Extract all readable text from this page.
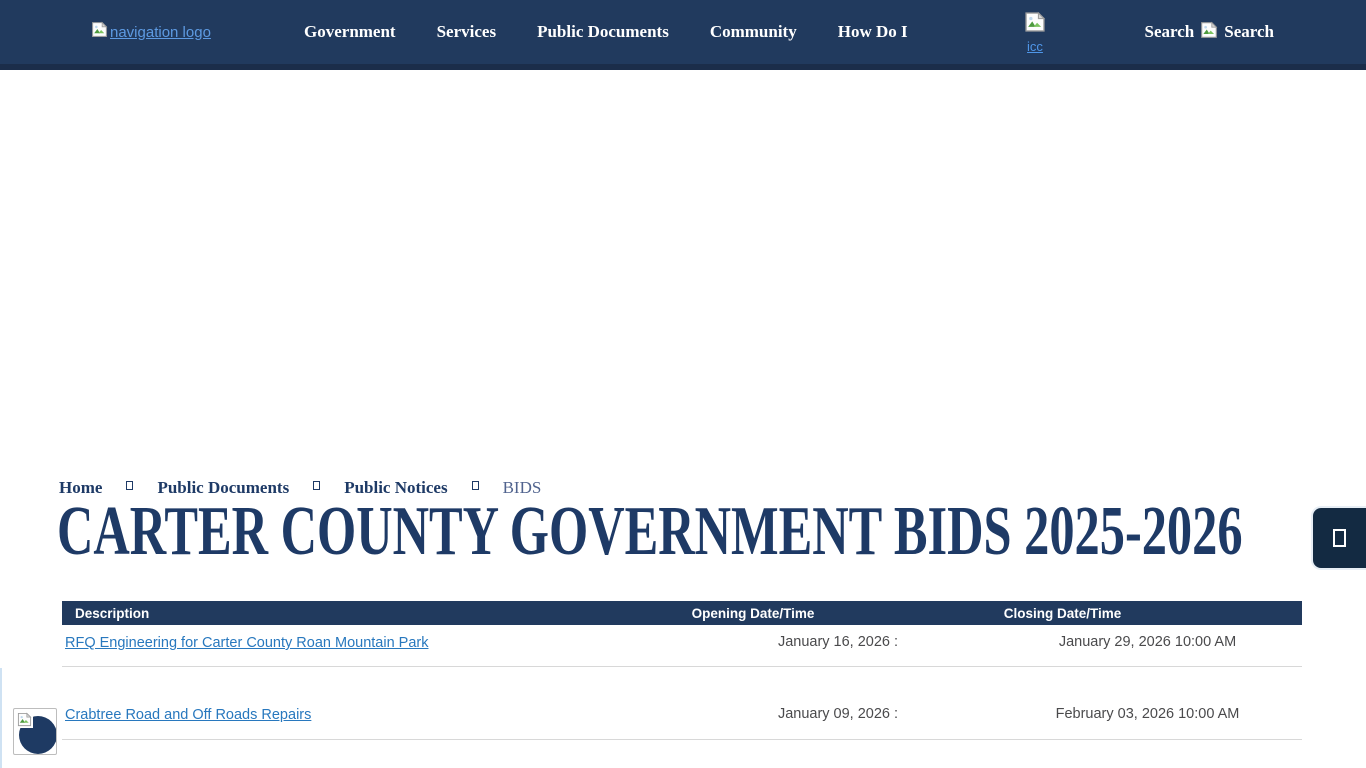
navigation logo	Government Services Public Documents Community How Do I
icc
Search Search
Home	Public Documents	Public Notices	BIDS
CARTER COUNTY GOVERNMENT BIDS 2025-2026
Description	Opening Date/Time	Closing Date/Time
RFQ Engineering for Carter County Roan Mountain Park	January 16, 2026 :	January 29, 2026 10:00 AM
Crabtree Road and Off Roads Repairs	January 09, 2026 :	February 03, 2026 10:00 AM
